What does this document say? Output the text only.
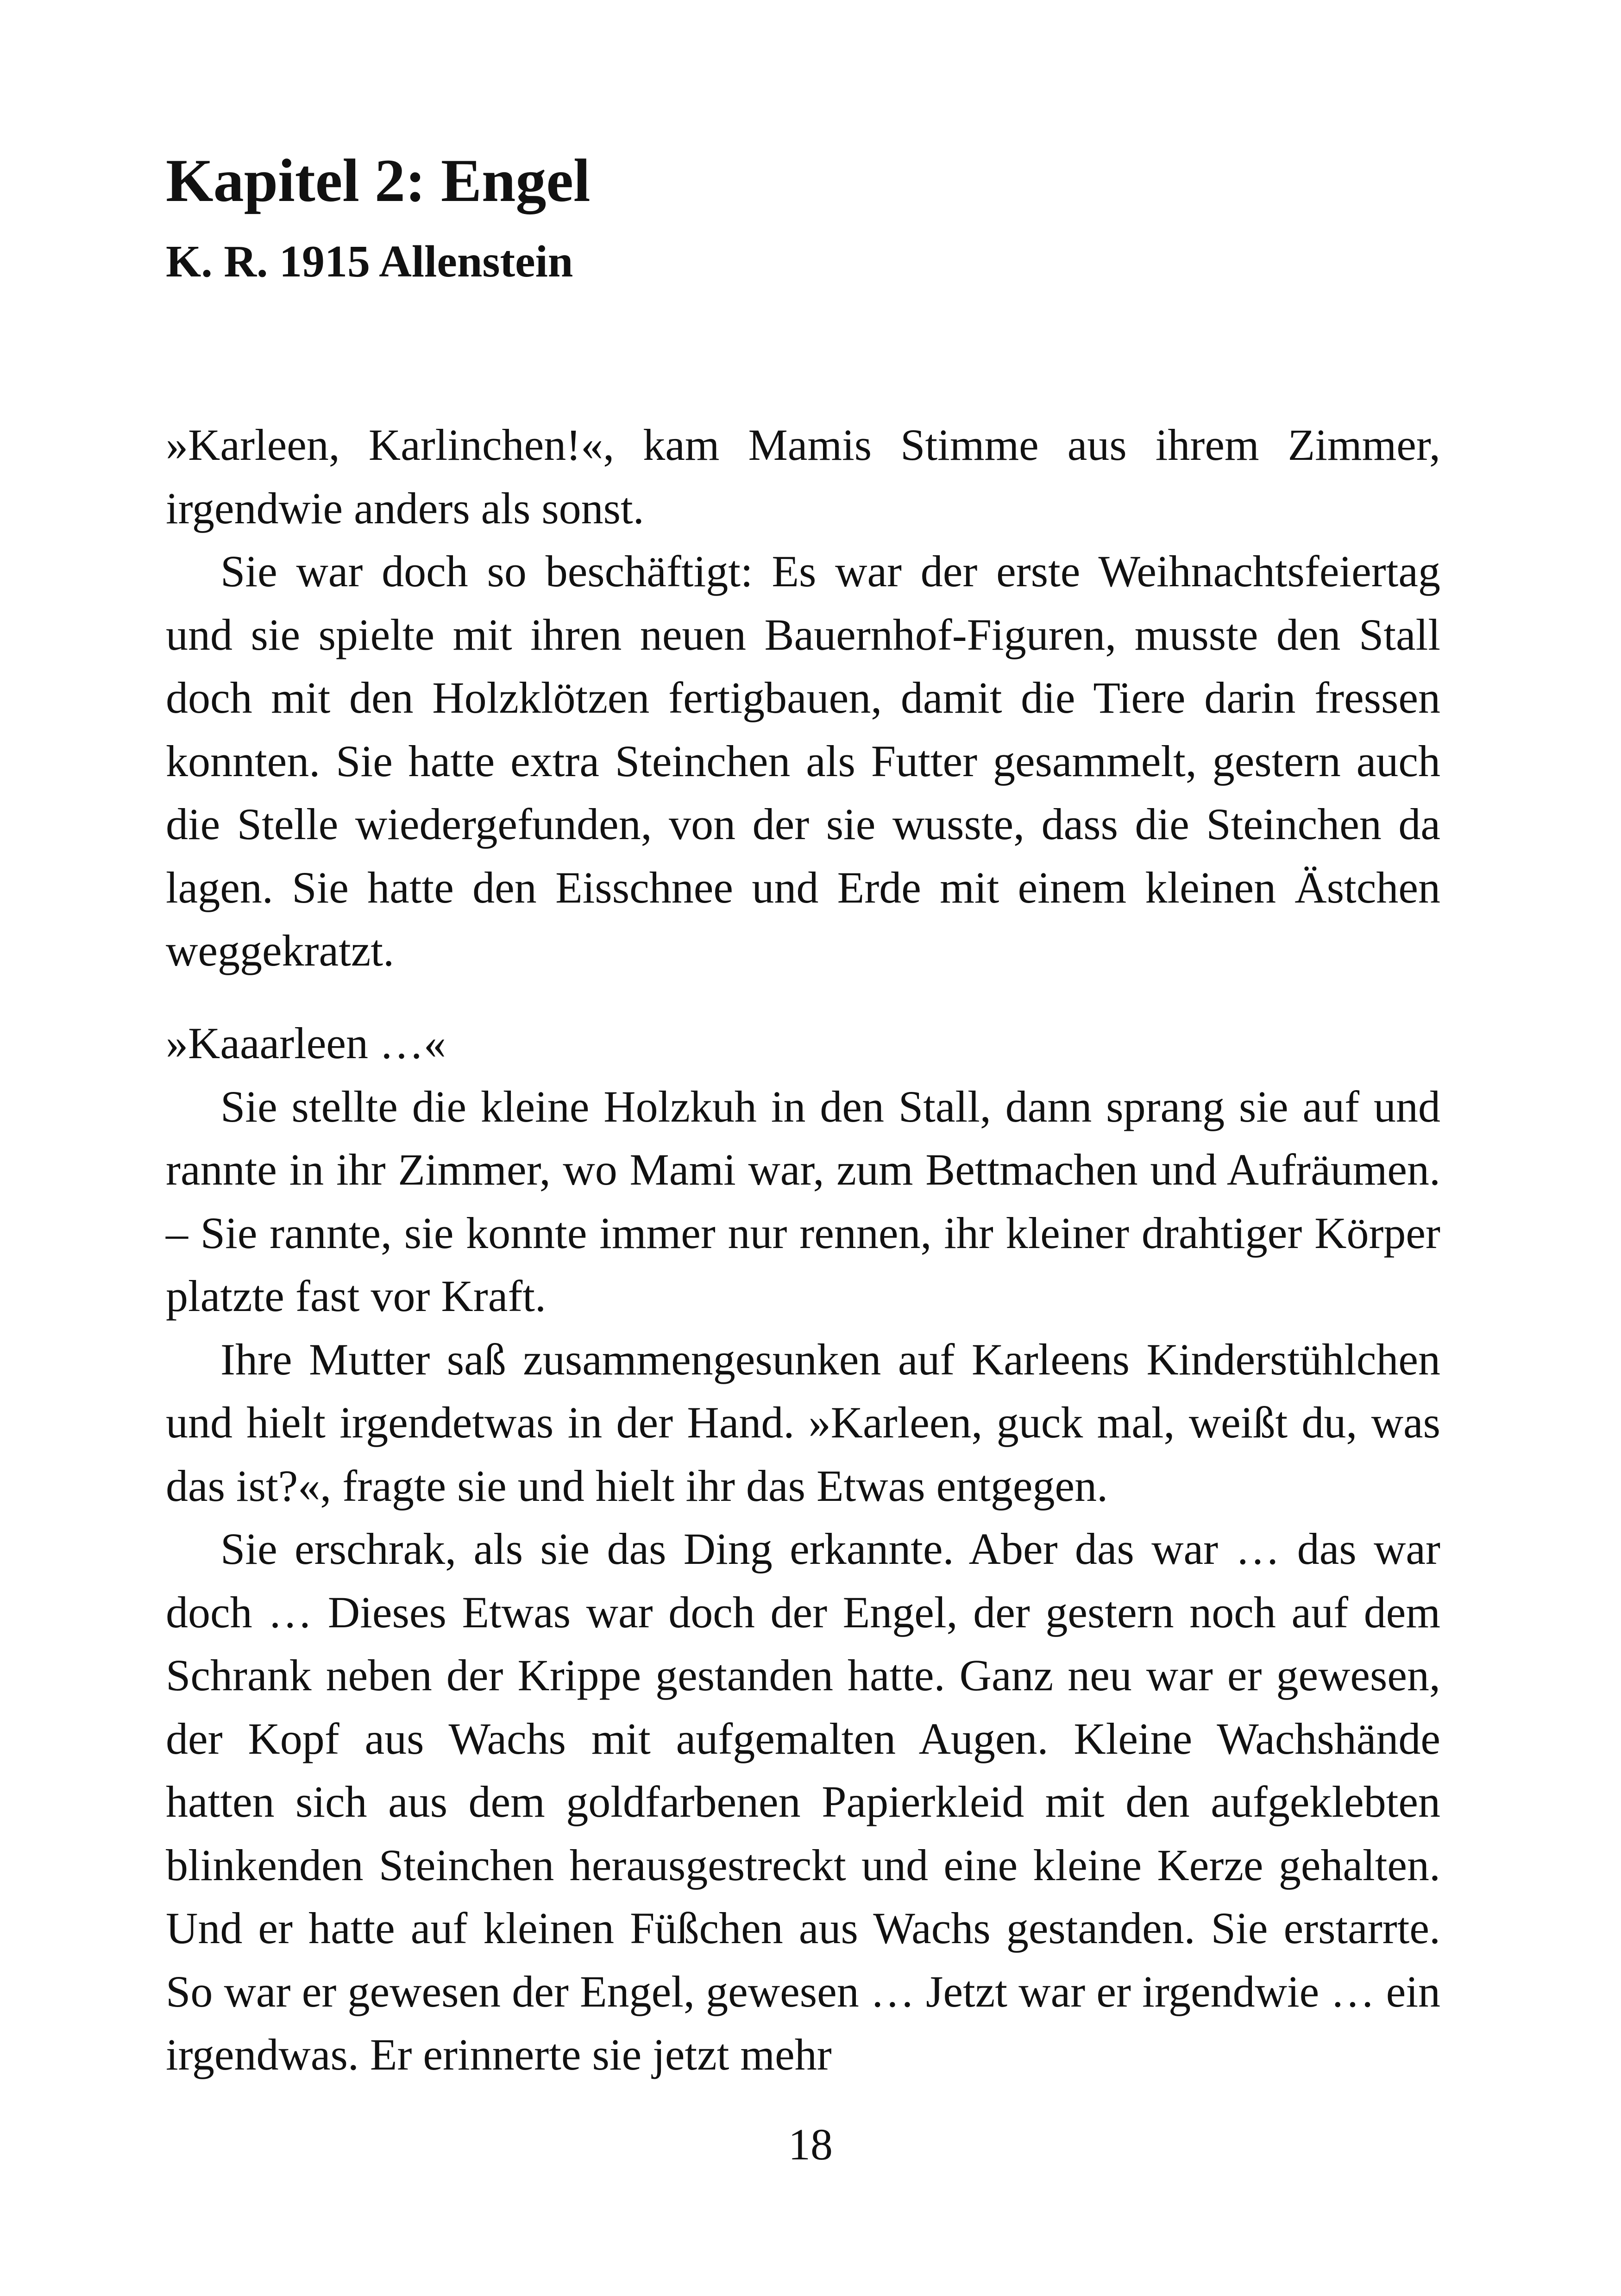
Kapitel 2: Engel
K. R. 1915 Allenstein

»Karleen, Karlinchen!«, kam Mamis Stimme aus ihrem Zimmer, irgendwie anders als sonst.

Sie war doch so beschäftigt: Es war der erste Weihnachtsfeiertag und sie spielte mit ihren neuen Bauernhof-Figuren, musste den Stall doch mit den Holzklötzen fertigbauen, damit die Tiere darin fressen konnten. Sie hatte extra Steinchen als Futter gesammelt, gestern auch die Stelle wiedergefunden, von der sie wusste, dass die Steinchen da lagen. Sie hatte den Eisschnee und Erde mit einem kleinen Ästchen weggekratzt.

»Kaaarleen …«

Sie stellte die kleine Holzkuh in den Stall, dann sprang sie auf und rannte in ihr Zimmer, wo Mami war, zum Bettmachen und Aufräumen. – Sie rannte, sie konnte immer nur rennen, ihr kleiner drahtiger Körper platzte fast vor Kraft.

Ihre Mutter saß zusammengesunken auf Karleens Kinderstühlchen und hielt irgendetwas in der Hand. »Karleen, guck mal, weißt du, was das ist?«, fragte sie und hielt ihr das Etwas entgegen.

Sie erschrak, als sie das Ding erkannte. Aber das war … das war doch … Dieses Etwas war doch der Engel, der gestern noch auf dem Schrank neben der Krippe gestanden hatte. Ganz neu war er gewesen, der Kopf aus Wachs mit aufgemalten Augen. Kleine Wachshände hatten sich aus dem goldfarbenen Papierkleid mit den aufgeklebten blinkenden Steinchen herausgestreckt und eine kleine Kerze gehalten. Und er hatte auf kleinen Füßchen aus Wachs gestanden. Sie erstarrte. So war er gewesen der Engel, gewesen … Jetzt war er irgendwie … ein irgendwas. Er erinnerte sie jetzt mehr

18
